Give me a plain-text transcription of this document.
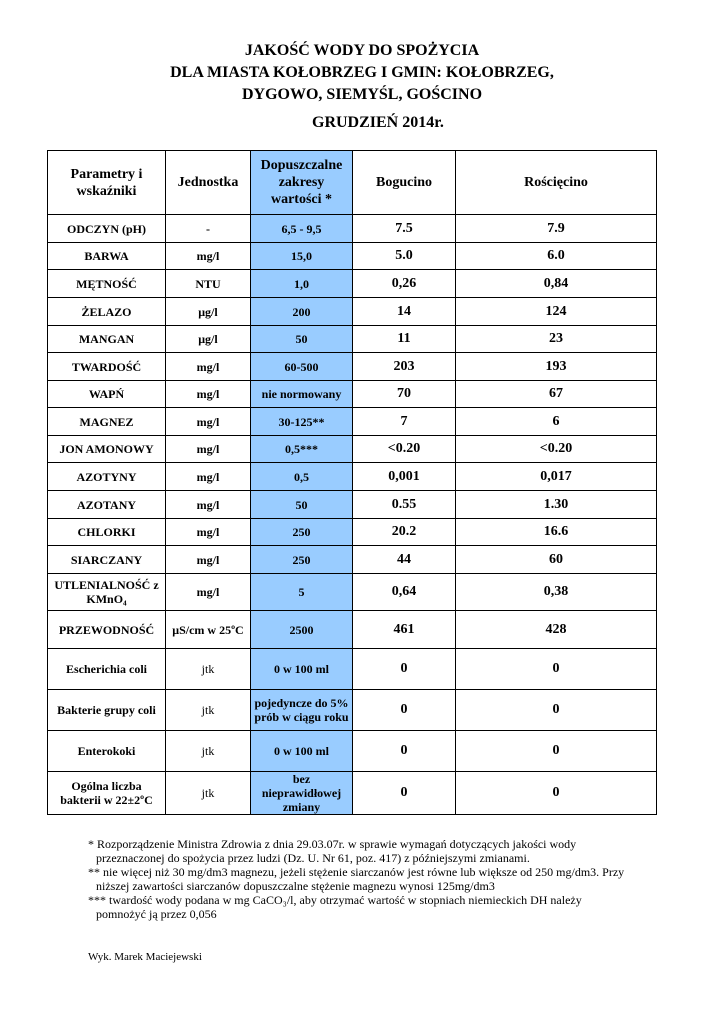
JAKOŚĆ WODY DO SPOŻYCIA
DLA MIASTA KOŁOBRZEG I GMIN: KOŁOBRZEG,
DYGOWO, SIEMYŚL, GOŚCINO
GRUDZIEŃ 2014r.
Parametry i wskaźniki	Jednostka	Dopuszczalne zakresy wartości *	Bogucino	Rościęcino
ODCZYN (pH)	-	6,5 - 9,5	7.5	7.9
BARWA	mg/l	15,0	5.0	6.0
MĘTNOŚĆ	NTU	1,0	0,26	0,84
ŻELAZO	μg/l	200	14	124
MANGAN	μg/l	50	11	23
TWARDOŚĆ	mg/l	60-500	203	193
WAPŃ	mg/l	nie normowany	70	67
MAGNEZ	mg/l	30-125**	7	6
JON AMONOWY	mg/l	0,5***	<0.20	<0.20
AZOTYNY	mg/l	0,5	0,001	0,017
AZOTANY	mg/l	50	0.55	1.30
CHLORKI	mg/l	250	20.2	16.6
SIARCZANY	mg/l	250	44	60
UTLENIALNOŚĆ z KMnO₄	mg/l	5	0,64	0,38
PRZEWODNOŚĆ	μS/cm w 25ºC	2500	461	428
Escherichia coli	jtk	0 w 100 ml	0	0
Bakterie grupy coli	jtk	pojedyncze do 5% prób w ciągu roku	0	0
Enterokoki	jtk	0 w 100 ml	0	0
Ogólna liczba bakterii w 22±2ºC	jtk	bez nieprawidłowej zmiany	0	0

* Rozporządzenie Ministra Zdrowia z dnia 29.03.07r. w sprawie wymagań dotyczących jakości wody

przeznaczonej do spożycia przez ludzi (Dz. U. Nr 61, poz. 417) z późniejszymi zmianami.

** nie więcej niż 30 mg/dm3 magnezu, jeżeli stężenie siarczanów jest równe lub większe od 250 mg/dm3. Przy

niższej zawartości siarczanów dopuszczalne stężenie magnezu wynosi 125mg/dm3

*** twardość wody podana w mg CaCO₃/l, aby otrzymać wartość w stopniach niemieckich DH należy

pomnożyć ją przez 0,056

Wyk. Marek Maciejewski
